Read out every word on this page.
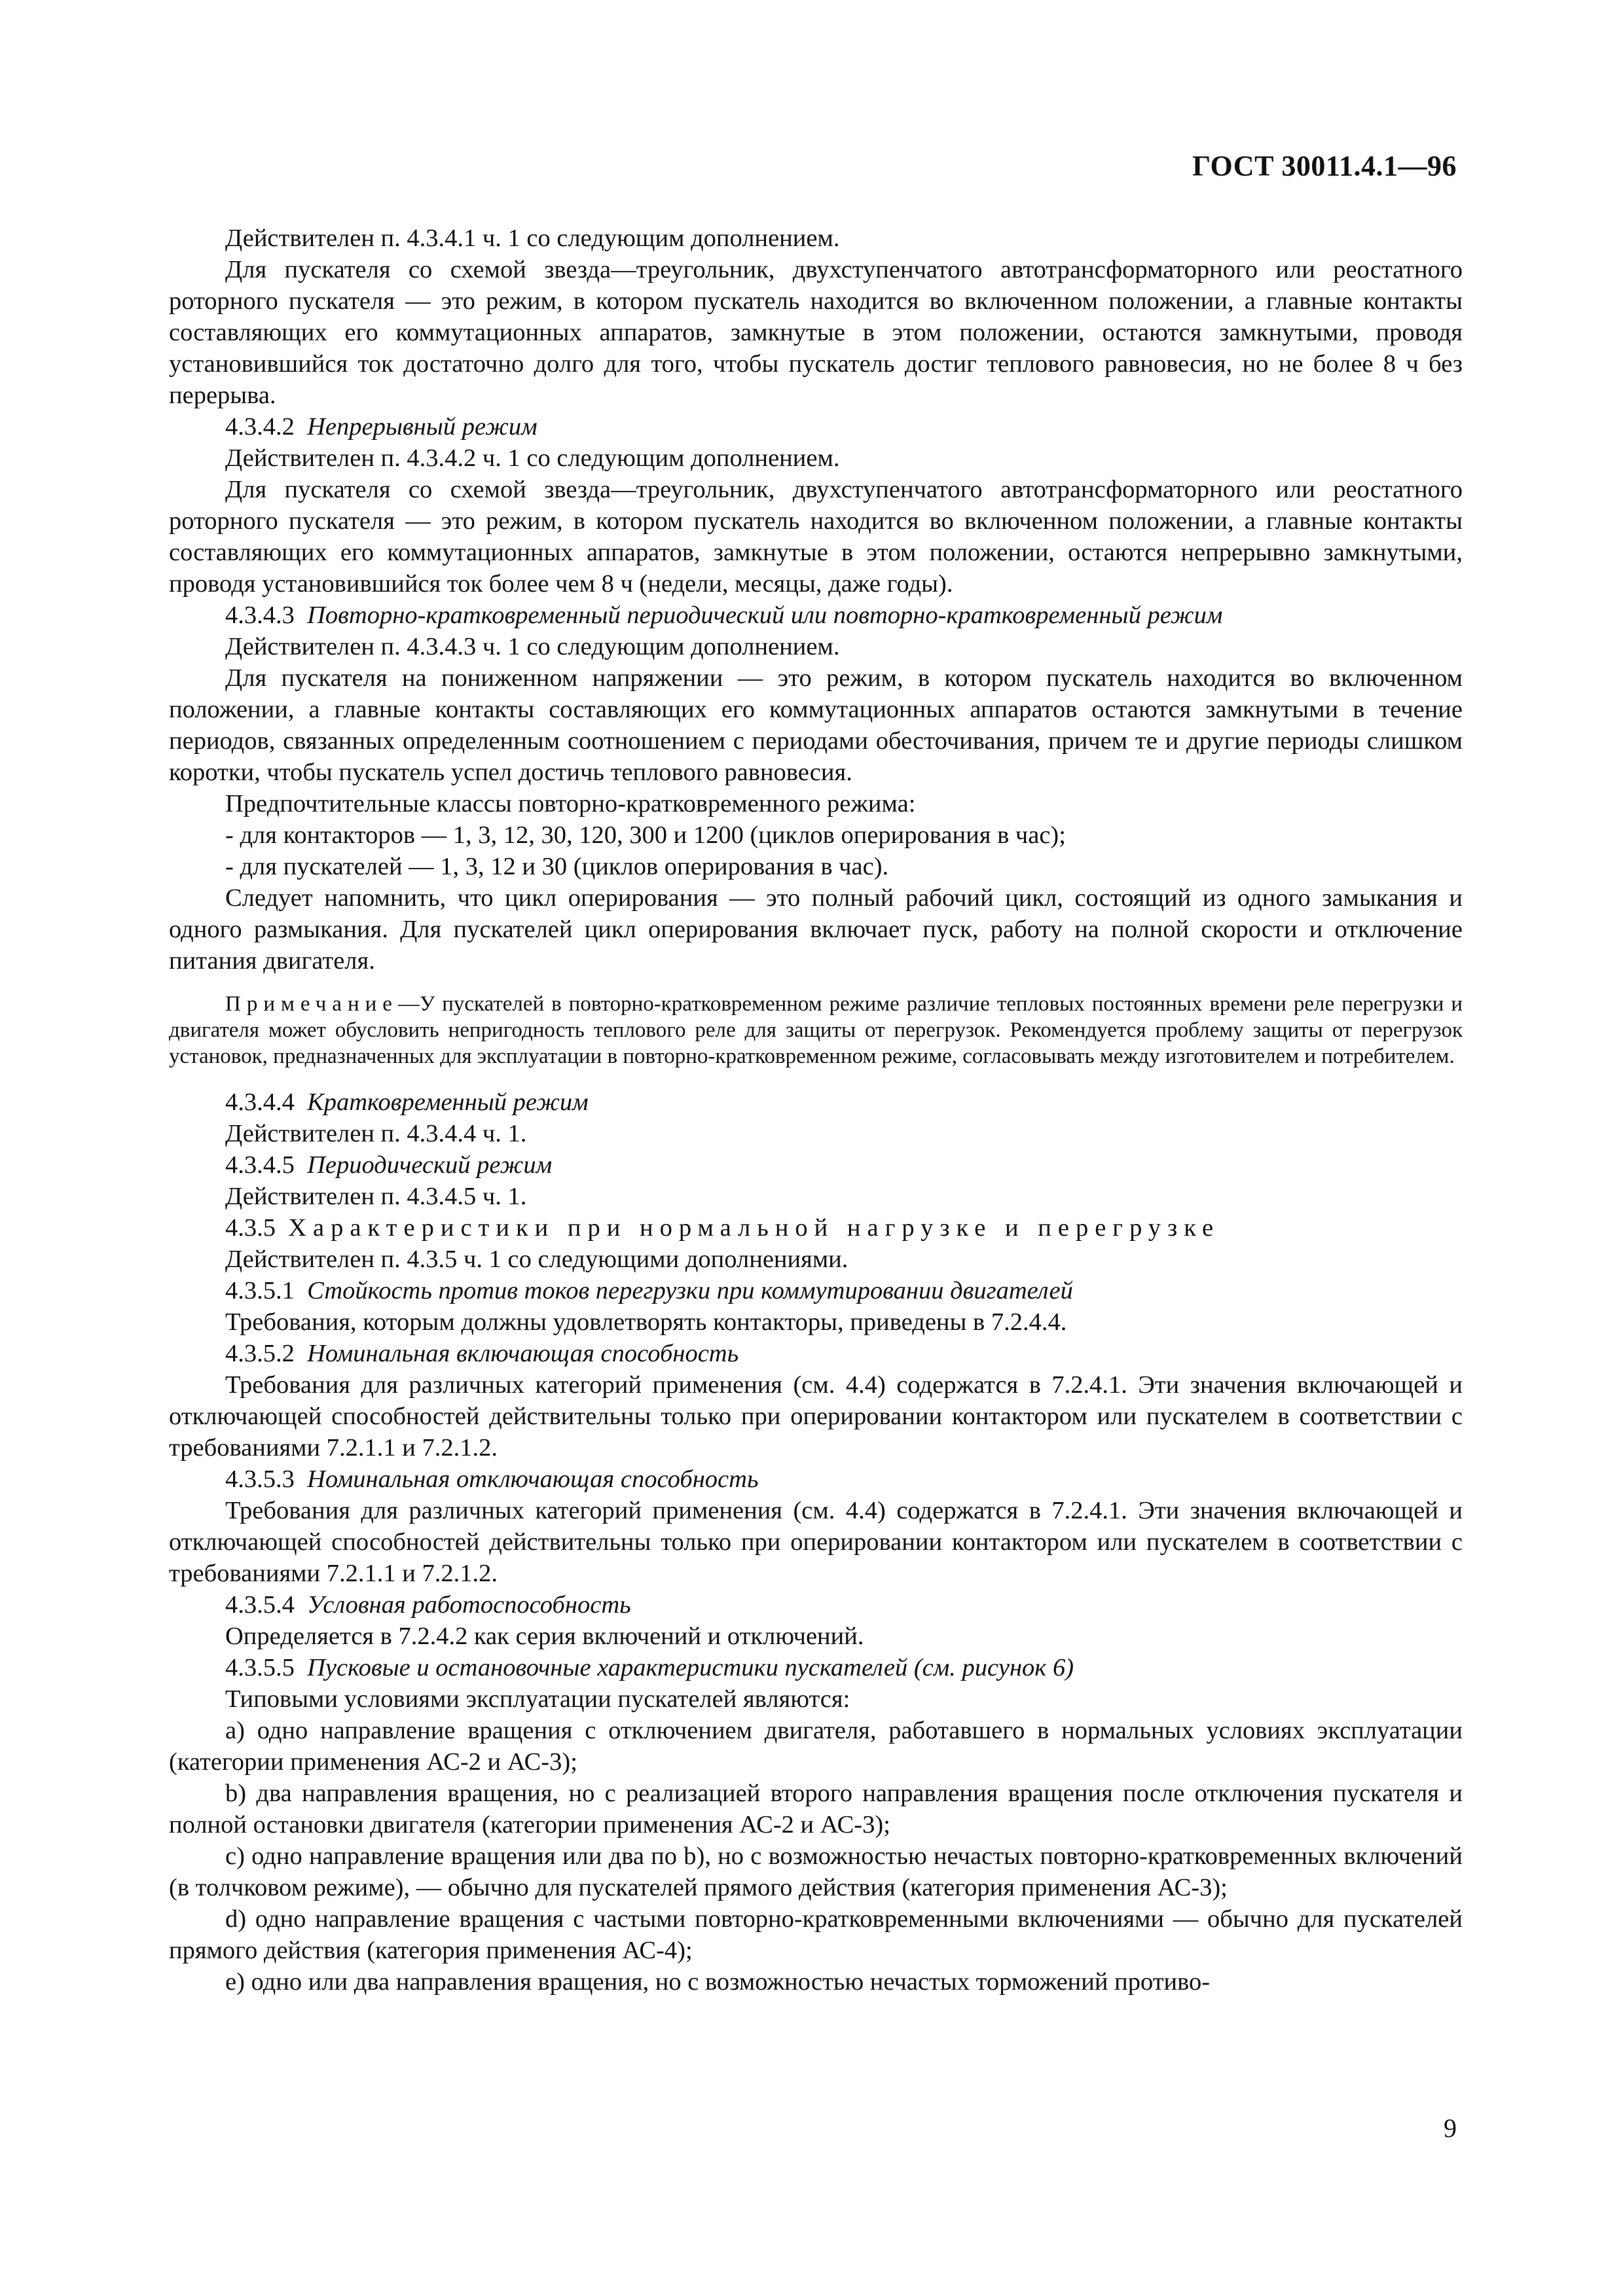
ГОСТ 30011.4.1—96

Действителен п. 4.3.4.1 ч. 1 со следующим дополнением.

Для пускателя со схемой звезда—треугольник, двухступенчатого автотрансформаторного или реостатного роторного пускателя — это режим, в котором пускатель находится во включенном положении, а главные контакты составляющих его коммутационных аппаратов, замкнутые в этом положении, остаются замкнутыми, проводя установившийся ток достаточно долго для того, чтобы пускатель достиг теплового равновесия, но не более 8 ч без перерыва.

4.3.4.2 Непрерывный режим

Действителен п. 4.3.4.2 ч. 1 со следующим дополнением.

Для пускателя со схемой звезда—треугольник, двухступенчатого автотрансформаторного или реостатного роторного пускателя — это режим, в котором пускатель находится во включенном положении, а главные контакты составляющих его коммутационных аппаратов, замкнутые в этом положении, остаются непрерывно замкнутыми, проводя установившийся ток более чем 8 ч (недели, месяцы, даже годы).

4.3.4.3 Повторно-кратковременный периодический или повторно-кратковременный режим

Действителен п. 4.3.4.3 ч. 1 со следующим дополнением.

Для пускателя на пониженном напряжении — это режим, в котором пускатель находится во включенном положении, а главные контакты составляющих его коммутационных аппаратов остаются замкнутыми в течение периодов, связанных определенным соотношением с периодами обесточивания, причем те и другие периоды слишком коротки, чтобы пускатель успел достичь теплового равновесия.

Предпочтительные классы повторно-кратковременного режима:

- для контакторов — 1, 3, 12, 30, 120, 300 и 1200 (циклов оперирования в час);

- для пускателей — 1, 3, 12 и 30 (циклов оперирования в час).

Следует напомнить, что цикл оперирования — это полный рабочий цикл, состоящий из одного замыкания и одного размыкания. Для пускателей цикл оперирования включает пуск, работу на полной скорости и отключение питания двигателя.

Примечание—У пускателей в повторно-кратковременном режиме различие тепловых постоянных времени реле перегрузки и двигателя может обусловить непригодность теплового реле для защиты от перегрузок. Рекомендуется проблему защиты от перегрузок установок, предназначенных для эксплуатации в повторно-кратковременном режиме, согласовывать между изготовителем и потребителем.

4.3.4.4 Кратковременный режим

Действителен п. 4.3.4.4 ч. 1.

4.3.4.5 Периодический режим

Действителен п. 4.3.4.5 ч. 1.

4.3.5 Характеристики при нормальной нагрузке и перегрузке

Действителен п. 4.3.5 ч. 1 со следующими дополнениями.

4.3.5.1 Стойкость против токов перегрузки при коммутировании двигателей

Требования, которым должны удовлетворять контакторы, приведены в 7.2.4.4.

4.3.5.2 Номинальная включающая способность

Требования для различных категорий применения (см. 4.4) содержатся в 7.2.4.1. Эти значения включающей и отключающей способностей действительны только при оперировании контактором или пускателем в соответствии с требованиями 7.2.1.1 и 7.2.1.2.

4.3.5.3 Номинальная отключающая способность

Требования для различных категорий применения (см. 4.4) содержатся в 7.2.4.1. Эти значения включающей и отключающей способностей действительны только при оперировании контактором или пускателем в соответствии с требованиями 7.2.1.1 и 7.2.1.2.

4.3.5.4 Условная работоспособность

Определяется в 7.2.4.2 как серия включений и отключений.

4.3.5.5 Пусковые и остановочные характеристики пускателей (см. рисунок 6)

Типовыми условиями эксплуатации пускателей являются:

а) одно направление вращения с отключением двигателя, работавшего в нормальных условиях эксплуатации (категории применения АС-2 и АС-3);

b) два направления вращения, но с реализацией второго направления вращения после отключения пускателя и полной остановки двигателя (категории применения АС-2 и АС-3);

с) одно направление вращения или два по b), но с возможностью нечастых повторно-кратковременных включений (в толчковом режиме), — обычно для пускателей прямого действия (категория применения АС-3);

d) одно направление вращения с частыми повторно-кратковременными включениями — обычно для пускателей прямого действия (категория применения АС-4);

е) одно или два направления вращения, но с возможностью нечастых торможений противо-

9
